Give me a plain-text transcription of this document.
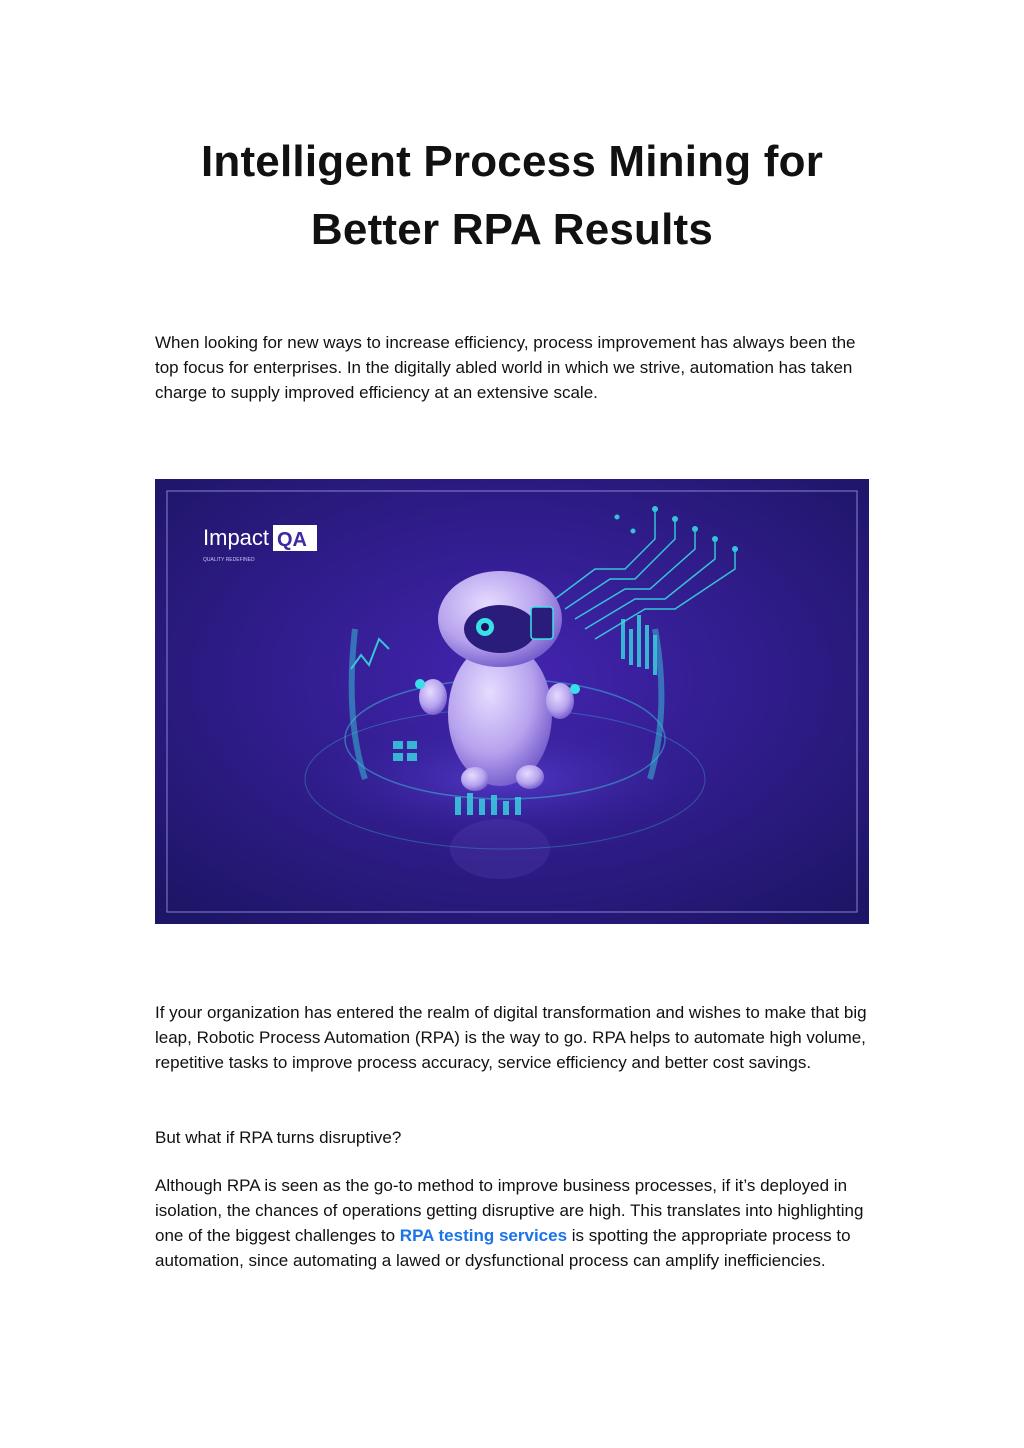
Intelligent Process Mining for
Better RPA Results

When looking for new ways to increase efficiency, process improvement has always been the top focus for enterprises. In the digitally abled world in which we strive, automation has taken charge to supply improved efficiency at an extensive scale.

Impact QA
QUALITY REDEFINED

If your organization has entered the realm of digital transformation and wishes to make that big leap, Robotic Process Automation (RPA) is the way to go. RPA helps to automate high volume, repetitive tasks to improve process accuracy, service efficiency and better cost savings.

But what if RPA turns disruptive?

Although RPA is seen as the go-to method to improve business processes, if it’s deployed in isolation, the chances of operations getting disruptive are high. This translates into highlighting one of the biggest challenges to RPA testing services is spotting the appropriate process to automation, since automating a lawed or dysfunctional process can amplify inefficiencies.
